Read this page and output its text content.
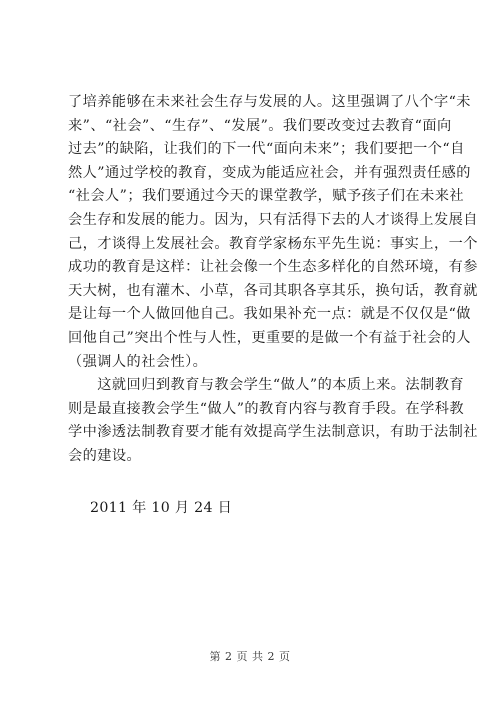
了培养能够在未来社会生存与发展的人。这里强调了八个字“未
来”、“社会”、“生存”、“发展”。我们要改变过去教育“面向
过去”的缺陷，让我们的下一代“面向未来”；我们要把一个“自
然人”通过学校的教育，变成为能适应社会，并有强烈责任感的
“社会人”；我们要通过今天的课堂教学，赋予孩子们在未来社
会生存和发展的能力。因为，只有活得下去的人才谈得上发展自
己，才谈得上发展社会。教育学家杨东平先生说：事实上，一个
成功的教育是这样：让社会像一个生态多样化的自然环境，有参
天大树，也有灌木、小草，各司其职各享其乐，换句话，教育就
是让每一个人做回他自己。我如果补充一点：就是不仅仅是“做
回他自己”突出个性与人性，更重要的是做一个有益于社会的人
（强调人的社会性）。
　　这就回归到教育与教会学生“做人”的本质上来。法制教育
则是最直接教会学生“做人”的教育内容与教育手段。在学科教
学中渗透法制教育要才能有效提高学生法制意识，有助于法制社
会的建设。
2011 年 10 月 24 日
第 2 页 共 2 页
